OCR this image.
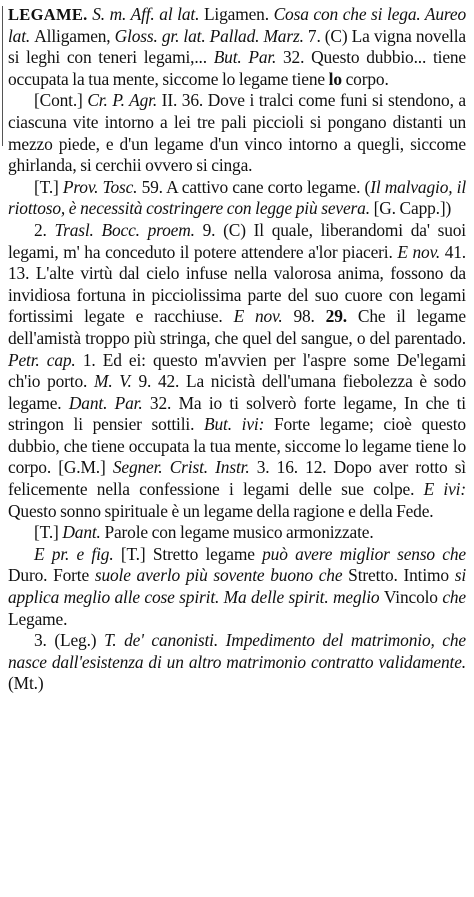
LEGAME. S. m. Aff. al lat. Ligamen. Cosa con che si lega. Aureo lat. Alligamen, Gloss. gr. lat. Pallad. Marz. 7. (C) La vigna novella si leghi con teneri legami,... But. Par. 32. Questo dubbio... tiene occupata la tua mente, siccome lo legame tiene lo corpo.

[Cont.] Cr. P. Agr. II. 36. Dove i tralci come funi si stendono, a ciascuna vite intorno a lei tre pali piccioli si pongano distanti un mezzo piede, e d'un legame d'un vinco intorno a quegli, siccome ghirlanda, si cerchii ovvero si cinga.

[T.] Prov. Tosc. 59. A cattivo cane corto legame. (Il malvagio, il riottoso, è necessità costringere con legge più severa. [G. Capp.])

2. Trasl. Bocc. proem. 9. (C) Il quale, liberandomi da' suoi legami, m' ha conceduto il potere attendere a'lor piaceri. E nov. 41. 13. L'alte virtù dal cielo infuse nella valorosa anima, fossono da invidiosa fortuna in picciolissima parte del suo cuore con legami fortissimi legate e racchiuse. E nov. 98. 29. Che il legame dell'amistà troppo più stringa, che quel del sangue, o del parentado. Petr. cap. 1. Ed ei: questo m'avvien per l'aspre some De'legami ch'io porto. M. V. 9. 42. La nicistà dell'umana fiebolezza è sodo legame. Dant. Par. 32. Ma io ti solverò forte legame, In che ti stringon li pensier sottili. But. ivi: Forte legame; cioè questo dubbio, che tiene occupata la tua mente, siccome lo legame tiene lo corpo. [G.M.] Segner. Crist. Instr. 3. 16. 12. Dopo aver rotto sì felicemente nella confessione i legami delle sue colpe. E ivi: Questo sonno spirituale è un legame della ragione e della Fede.

[T.] Dant. Parole con legame musico armonizzate.

E pr. e fig. [T.] Stretto legame può avere miglior senso che Duro. Forte suole averlo più sovente buono che Stretto. Intimo si applica meglio alle cose spirit. Ma delle spirit. meglio Vincolo che Legame.

3. (Leg.) T. de' canonisti. Impedimento del matrimonio, che nasce dall'esistenza di un altro matrimonio contratto validamente. (Mt.)
